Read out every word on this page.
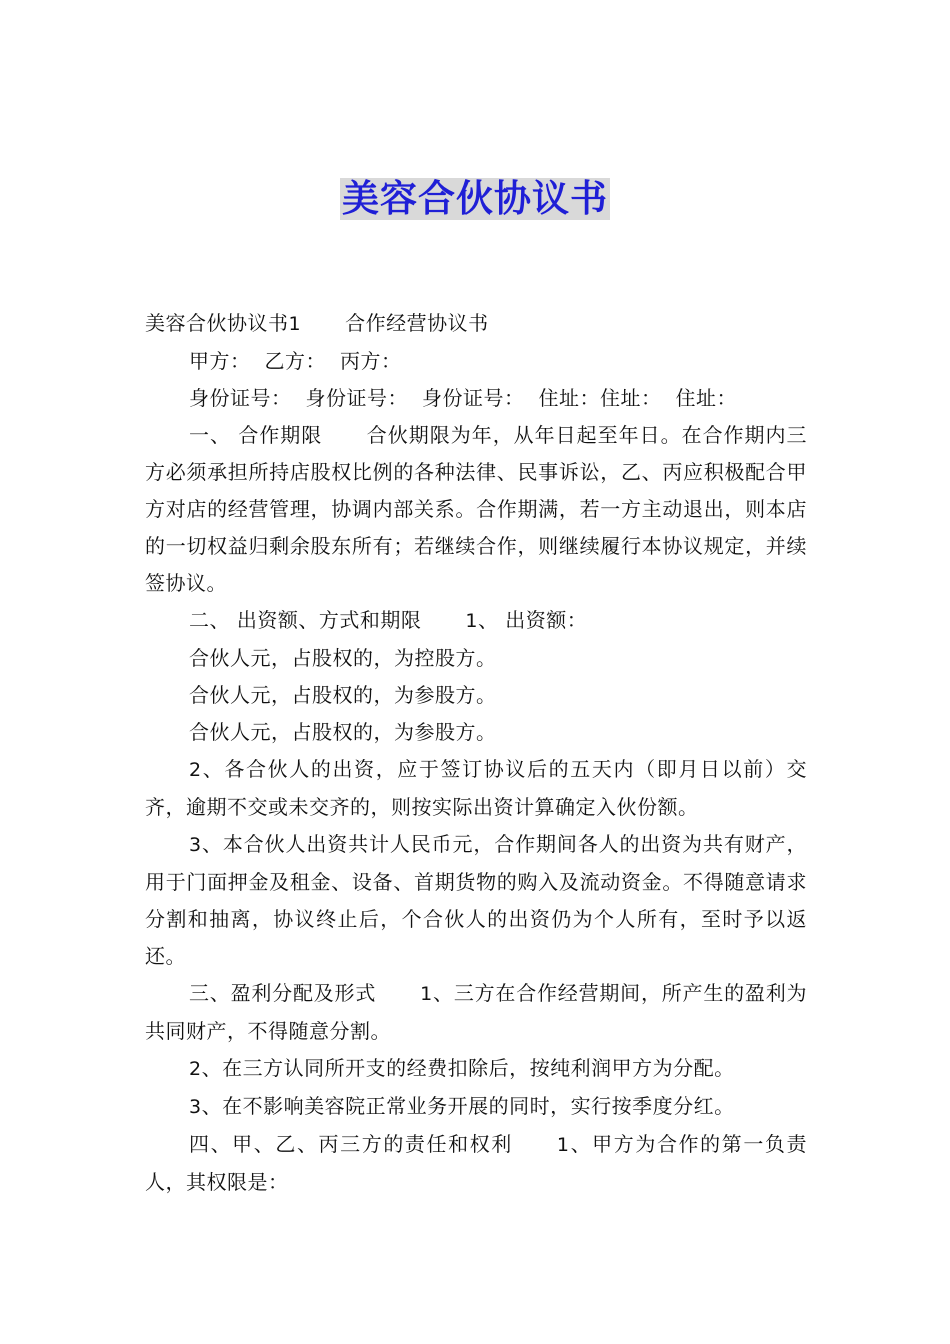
美容合伙协议书

美容合伙协议书1 合作经营协议书

甲方： 乙方： 丙方：

身份证号： 身份证号： 身份证号： 住址：住址： 住址：

一、 合作期限 合伙期限为年，从年日起至年日。在合作期内三方必须承担所持店股权比例的各种法律、民事诉讼，乙、丙应积极配合甲方对店的经营管理，协调内部关系。合作期满，若一方主动退出，则本店的一切权益归剩余股东所有；若继续合作，则继续履行本协议规定，并续签协议。

二、 出资额、方式和期限 1、 出资额：

合伙人元，占股权的，为控股方。

合伙人元，占股权的，为参股方。

合伙人元，占股权的，为参股方。

2、各合伙人的出资，应于签订协议后的五天内（即月日以前）交齐，逾期不交或未交齐的，则按实际出资计算确定入伙份额。

3、本合伙人出资共计人民币元，合作期间各人的出资为共有财产，用于门面押金及租金、设备、首期货物的购入及流动资金。不得随意请求分割和抽离，协议终止后，个合伙人的出资仍为个人所有，至时予以返还。

三、盈利分配及形式 1、三方在合作经营期间，所产生的盈利为共同财产，不得随意分割。

2、在三方认同所开支的经费扣除后，按纯利润甲方为分配。

3、在不影响美容院正常业务开展的同时，实行按季度分红。

四、甲、乙、丙三方的责任和权利 1、甲方为合作的第一负责人，其权限是：
